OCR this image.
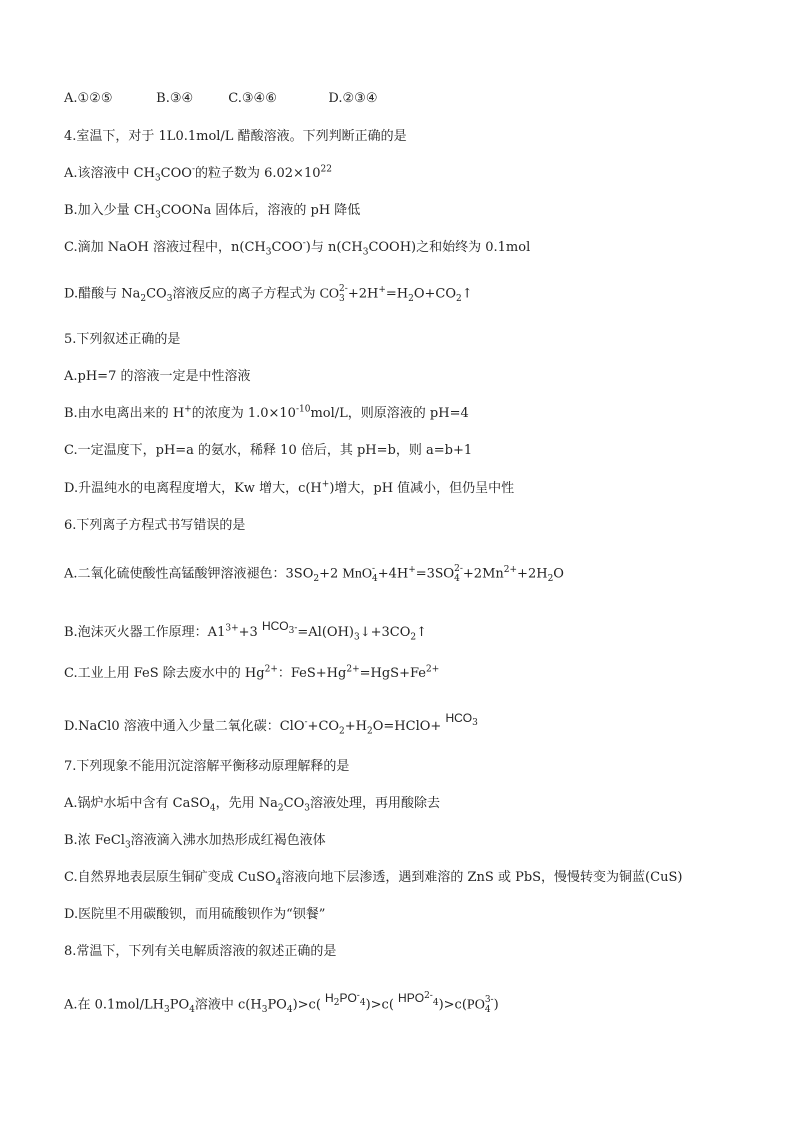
A.①②⑤	B.③④	C.③④⑥	D.②③④
4.室温下，对于 1L0.1mol/L 醋酸溶液。下列判断正确的是
A.该溶液中 $CH_3COO^-$的粒子数为 $6.02\times 10^{22}$
B.加入少量 $CH_3COONa$ 固体后，溶液的 pH 降低
C.滴加 NaOH 溶液过程中，$n(CH_3COO^-)$与 $n(CH_3COOH)$之和始终为 0.1mol
D.醋酸与 $Na_2CO_3$溶液反应的离子方程式为 CO 2-
$3 +2H^+=H_2O+CO_2↑$
5.下列叙述正确的是
A.pH=7 的溶液一定是中性溶液
B.由水电离出来的 H+的浓度为 $1.0\times 10^{-10}mol/L$，则原溶液的 pH=4
C.一定温度下，pH=a 的氨水，稀释 10 倍后，其 pH=b，则 a=b+1
D.升温纯水的电离程度增大，Kw 增大，c(H+)增大，pH 值减小，但仍呈中性
6.下列离子方程式书写错误的是
A.二氧化硫使酸性高锰酸钾溶液褪色：$3SO_2+2$ MnO -
4 +4H+=3SO 2-
$4 +2Mn^{2+}+2H_2O$
B.泡沫灭火器工作原理：$A1^{3+}+3$ $HCO_3^-=Al(OH)_3↓+3CO_2↑$
C.工业上用 FeS 除去废水中的 $Hg^{2+}$：$FeS+Hg^{2+}=HgS+Fe^{2+}$
D.NaCl0 溶液中通入少量二氧化碳：$ClO^-+CO_2+H_2O=HClO+ HCO_3$
7.下列现象不能用沉淀溶解平衡移动原理解释的是
A.锅炉水垢中含有 CaSO$_4$，先用 $Na_2CO_3$溶液处理，再用酸除去
B.浓 FeCl$_3$溶液滴入沸水加热形成红褐色液体
C.自然界地表层原生铜矿变成 CuSO$_4$溶液向地下层渗透，遇到难溶的 ZnS 或 PbS，慢慢转变为铜蓝(CuS)
D.医院里不用碳酸钡，而用硫酸钡作为“钡餐”
8.常温下，下列有关电解质溶液的叙述正确的是
A.在 $0.1mol/LH_3PO_4$溶液中 $c(H_3PO_4)>c$( $H_2PO^-_4)>c$( $HPO^{2-}_4)>c(PO$ 3-
4 )
